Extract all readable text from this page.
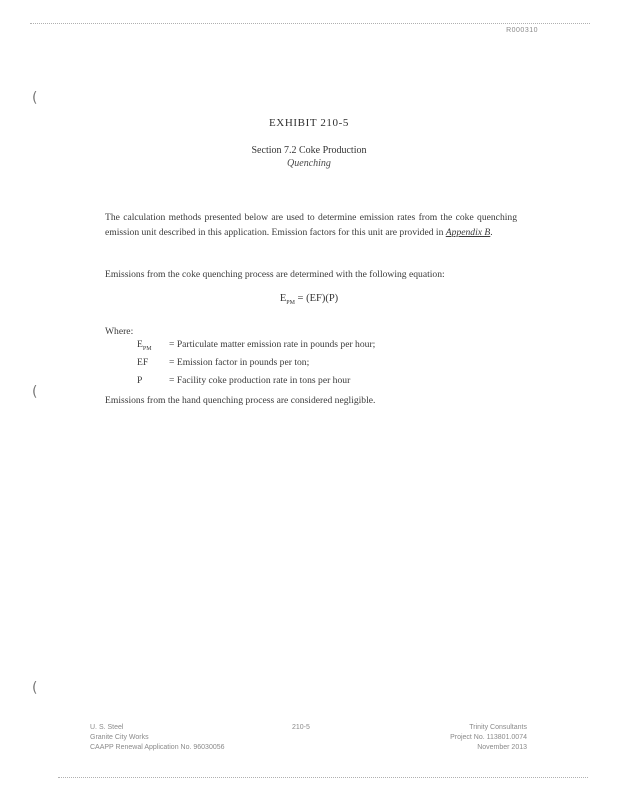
R000310
(
(
(
EXHIBIT 210-5
Section 7.2 Coke Production
Quenching
The calculation methods presented below are used to determine emission rates from the coke quenching emission unit described in this application. Emission factors for this unit are provided in Appendix B.
Emissions from the coke quenching process are determined with the following equation:
$E_{PM} = (EF)(P)$
Where:
$E_{PM}$ = Particulate matter emission rate in pounds per hour;
EF = Emission factor in pounds per ton;
P	= Facility coke production rate in tons per hour
Emissions from the hand quenching process are considered negligible.
U. S. Steel
Granite City Works
CAAPP Renewal Application No. 96030056
210-5	Trinity Consultants
Project No. 113801.0074
November 2013
